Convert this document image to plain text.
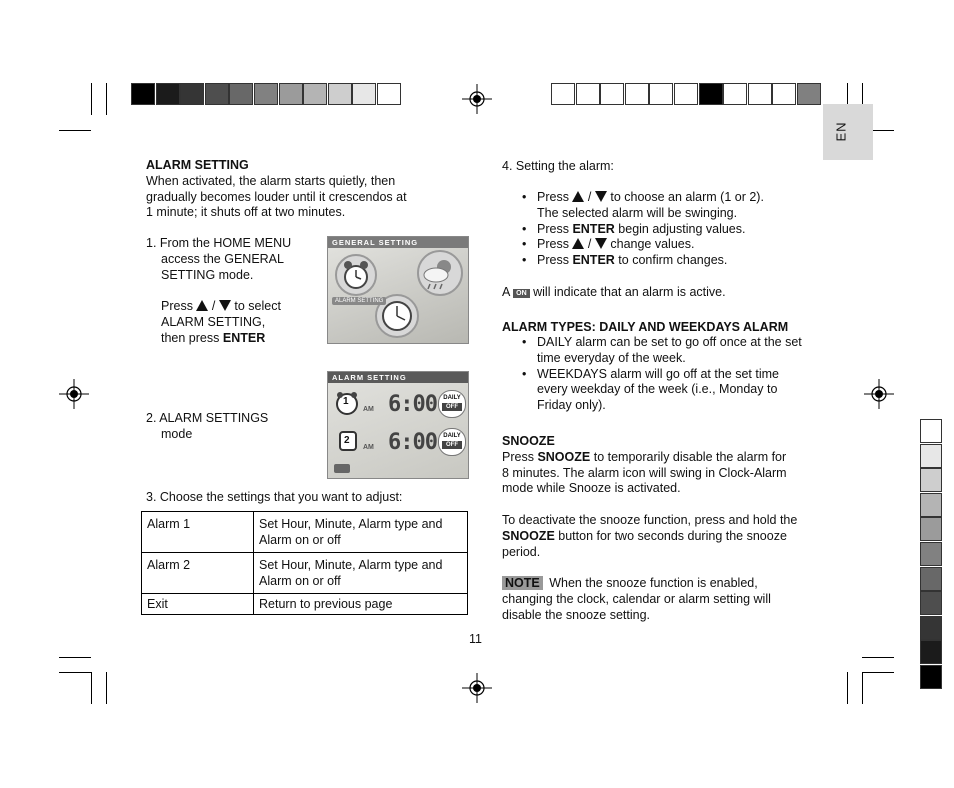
EN
ALARM SETTING
When activated, the alarm starts quietly, then
gradually becomes louder until it crescendos at
1 minute; it shuts off at two minutes.
1. From the HOME MENU
access the GENERAL
SETTING mode.
Press / to select
ALARM SETTING,
then press ENTER
GENERAL SETTING
ALARM SETTING
ALARM SETTING
1
AM 6:00	DAILY
OFF
2
AM 6:00	DAILY
OFF
2. ALARM SETTINGS
mode
3. Choose the settings that you want to adjust:
Alarm 1	Set Hour, Minute, Alarm type and
Alarm on or off

Alarm 2	Set Hour, Minute, Alarm type and
Alarm on or off

Exit	Return to previous page
11
4. Setting the alarm:
• Press / to choose an alarm (1 or 2).
The selected alarm will be swinging.
• Press ENTER begin adjusting values.
• Press / change values.
• Press ENTER to confirm changes.
A ON will indicate that an alarm is active.
ALARM TYPES: DAILY AND WEEKDAYS ALARM
• DAILY alarm can be set to go off once at the set
time everyday of the week.
• WEEKDAYS alarm will go off at the set time
every weekday of the week (i.e., Monday to
Friday only).
SNOOZE
Press SNOOZE to temporarily disable the alarm for
8 minutes. The alarm icon will swing in Clock-Alarm
mode while Snooze is activated.
To deactivate the snooze function, press and hold the
SNOOZE button for two seconds during the snooze
period.
NOTE When the snooze function is enabled,
changing the clock, calendar or alarm setting will
disable the snooze setting.
